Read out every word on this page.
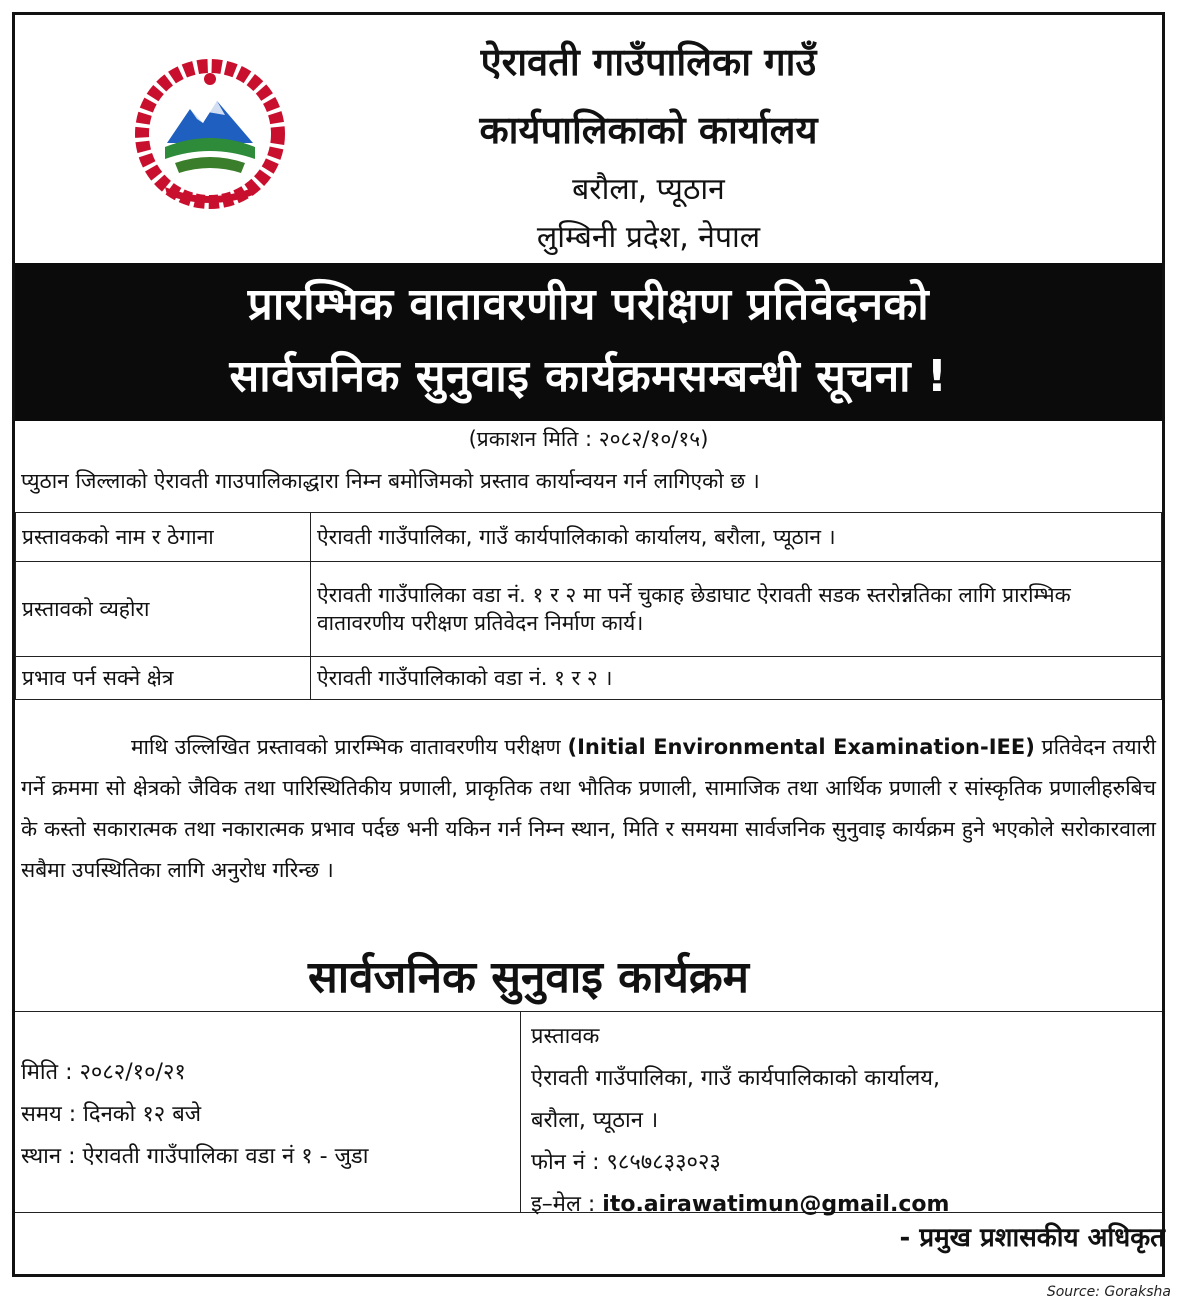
ऐरावती गाउँपालिका गाउँ
कार्यपालिकाको कार्यालय
बरौला, प्यूठान
लुम्बिनी प्रदेश, नेपाल
प्रारम्भिक वातावरणीय परीक्षण प्रतिवेदनको
सार्वजनिक सुनुवाइ कार्यक्रमसम्बन्धी सूचना !
(प्रकाशन मिति : २०८२/१०/१५)
प्युठान जिल्लाको ऐरावती गाउपालिकाद्धारा निम्न बमोजिमको प्रस्ताव कार्यान्वयन गर्न लागिएको छ ।
प्रस्तावकको नाम र ठेगाना	ऐरावती गाउँपालिका, गाउँ कार्यपालिकाको कार्यालय, बरौला, प्यूठान ।
प्रस्तावको व्यहोरा	ऐरावती गाउँपालिका वडा नं. १ र २ मा पर्ने चुकाह छेडाघाट ऐरावती सडक स्तरोन्नतिका लागि प्रारम्भिक वातावरणीय परीक्षण प्रतिवेदन निर्माण कार्य।
प्रभाव पर्न सक्ने क्षेत्र	ऐरावती गाउँपालिकाको वडा नं. १ र २ ।
माथि उल्लिखित प्रस्तावको प्रारम्भिक वातावरणीय परीक्षण (Initial Environmental Examination-IEE) प्रतिवेदन तयारी गर्ने क्रममा सो क्षेत्रको जैविक तथा पारिस्थितिकीय प्रणाली, प्राकृतिक तथा भौतिक प्रणाली, सामाजिक तथा आर्थिक प्रणाली र सांस्कृतिक प्रणालीहरुबिच के कस्तो सकारात्मक तथा नकारात्मक प्रभाव पर्दछ भनी यकिन गर्न निम्न स्थान, मिति र समयमा सार्वजनिक सुनुवाइ कार्यक्रम हुने भएकोले सरोकारवाला सबैमा उपस्थितिका लागि अनुरोध गरिन्छ ।
सार्वजनिक सुनुवाइ कार्यक्रम
मिति : २०८२/१०/२१
समय : दिनको १२ बजे
स्थान : ऐरावती गाउँपालिका वडा नं १ - जुडा
प्रस्तावक
ऐरावती गाउँपालिका, गाउँ कार्यपालिकाको कार्यालय,
बरौला, प्यूठान ।
फोन नं : ९८५७८३३०२३
इ–मेल : ito.airawatimun@gmail.com
- प्रमुख प्रशासकीय अधिकृत
Source: Goraksha
